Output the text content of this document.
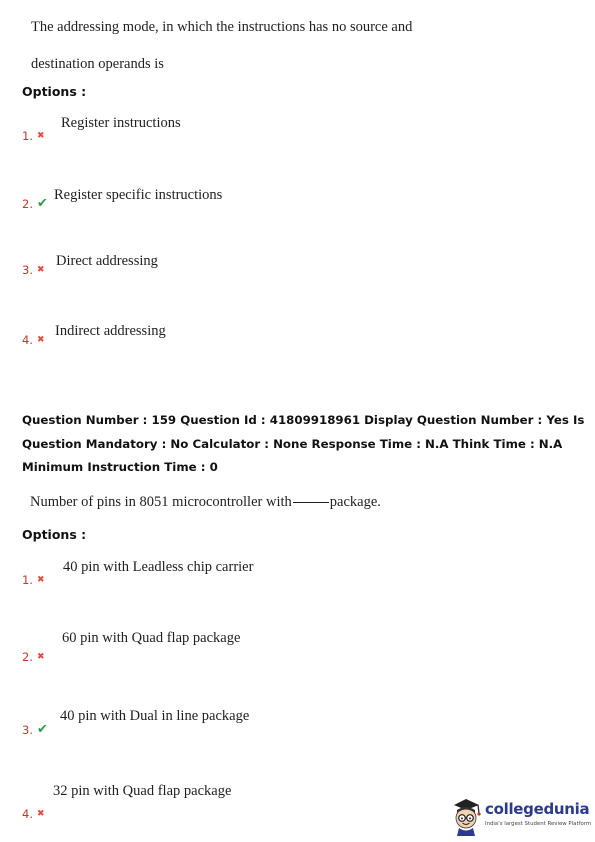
The addressing mode, in which the instructions has no source and
destination operands is
Options :
1. ✖
Register instructions
2. ✔
Register specific instructions
3. ✖
Direct addressing
4. ✖
Indirect addressing
Question Number : 159 Question Id : 41809918961 Display Question Number : Yes Is Question Mandatory : No Calculator : None Response Time : N.A Think Time : N.A Minimum Instruction Time : 0
Number of pins in 8051 microcontroller with	package.
Options :
1. ✖
40 pin with Leadless chip carrier
2. ✖
60 pin with Quad flap package
3. ✔
40 pin with Dual in line package
4. ✖
32 pin with Quad flap package
collegedunia
India's largest Student Review Platform
